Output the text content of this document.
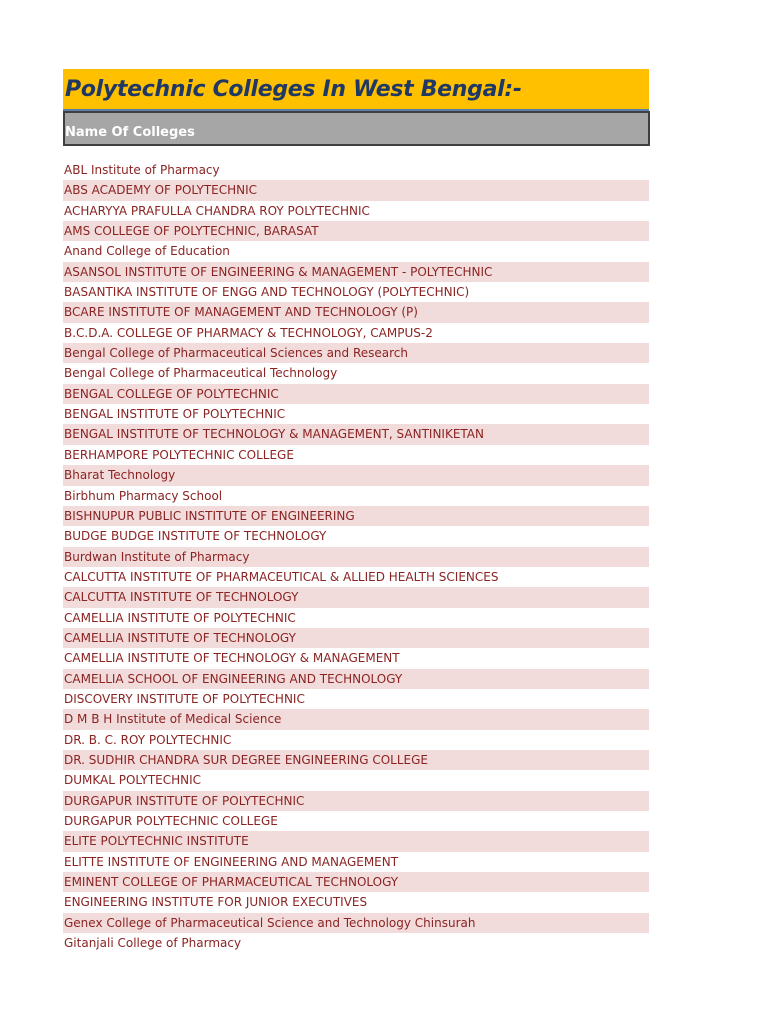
Polytechnic Colleges In West Bengal:-
Name Of Colleges
ABL Institute of Pharmacy
ABS ACADEMY OF POLYTECHNIC
ACHARYYA PRAFULLA CHANDRA ROY POLYTECHNIC
AMS COLLEGE OF POLYTECHNIC, BARASAT
Anand College of Education
ASANSOL INSTITUTE OF ENGINEERING & MANAGEMENT - POLYTECHNIC
BASANTIKA INSTITUTE OF ENGG AND TECHNOLOGY (POLYTECHNIC)
BCARE INSTITUTE OF MANAGEMENT AND TECHNOLOGY (P)
B.C.D.A. COLLEGE OF PHARMACY & TECHNOLOGY, CAMPUS-2
Bengal College of Pharmaceutical Sciences and Research
Bengal College of Pharmaceutical Technology
BENGAL COLLEGE OF POLYTECHNIC
BENGAL INSTITUTE OF POLYTECHNIC
BENGAL INSTITUTE OF TECHNOLOGY & MANAGEMENT, SANTINIKETAN
BERHAMPORE POLYTECHNIC COLLEGE
Bharat Technology
Birbhum Pharmacy School
BISHNUPUR PUBLIC INSTITUTE OF ENGINEERING
BUDGE BUDGE INSTITUTE OF TECHNOLOGY
Burdwan Institute of Pharmacy
CALCUTTA INSTITUTE OF PHARMACEUTICAL & ALLIED HEALTH SCIENCES
CALCUTTA INSTITUTE OF TECHNOLOGY
CAMELLIA INSTITUTE OF POLYTECHNIC
CAMELLIA INSTITUTE OF TECHNOLOGY
CAMELLIA INSTITUTE OF TECHNOLOGY & MANAGEMENT
CAMELLIA SCHOOL OF ENGINEERING AND TECHNOLOGY
DISCOVERY INSTITUTE OF POLYTECHNIC
D M B H Institute of Medical Science
DR. B. C. ROY POLYTECHNIC
DR. SUDHIR CHANDRA SUR DEGREE ENGINEERING COLLEGE
DUMKAL POLYTECHNIC
DURGAPUR INSTITUTE OF POLYTECHNIC
DURGAPUR POLYTECHNIC COLLEGE
ELITE POLYTECHNIC INSTITUTE
ELITTE INSTITUTE OF ENGINEERING AND MANAGEMENT
EMINENT COLLEGE OF PHARMACEUTICAL TECHNOLOGY
ENGINEERING INSTITUTE FOR JUNIOR EXECUTIVES
Genex College of Pharmaceutical Science and Technology Chinsurah
Gitanjali College of Pharmacy
